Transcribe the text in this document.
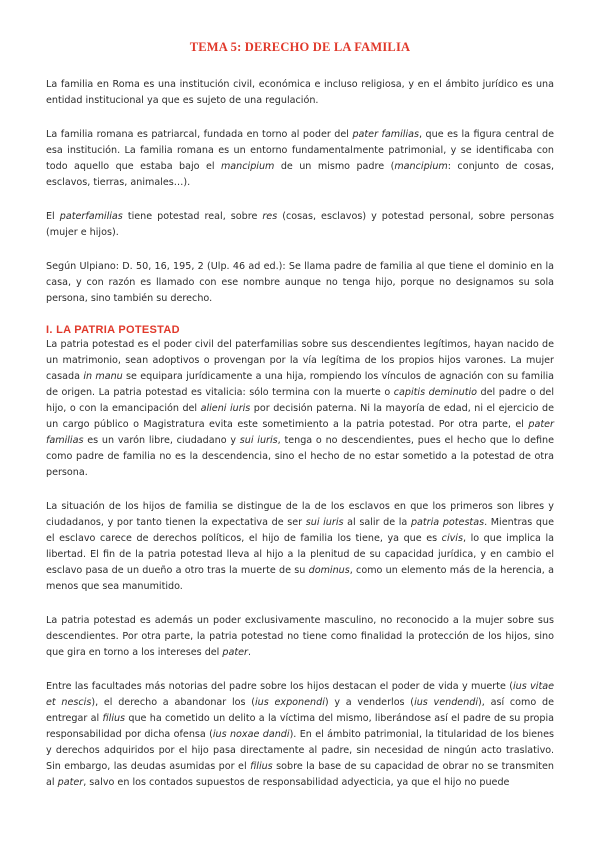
TEMA 5: DERECHO DE LA FAMILIA

La familia en Roma es una institución civil, económica e incluso religiosa, y en el ámbito jurídico es una entidad institucional ya que es sujeto de una regulación.

La familia romana es patriarcal, fundada en torno al poder del pater familias, que es la figura central de esa institución. La familia romana es un entorno fundamentalmente patrimonial, y se identificaba con todo aquello que estaba bajo el mancipium de un mismo padre (mancipium: conjunto de cosas, esclavos, tierras, animales…).

El paterfamilias tiene potestad real, sobre res (cosas, esclavos) y potestad personal, sobre personas (mujer e hijos).

Según Ulpiano: D. 50, 16, 195, 2 (Ulp. 46 ad ed.): Se llama padre de familia al que tiene el dominio en la casa, y con razón es llamado con ese nombre aunque no tenga hijo, porque no designamos su sola persona, sino también su derecho.

I. LA PATRIA POTESTAD

La patria potestad es el poder civil del paterfamilias sobre sus descendientes legítimos, hayan nacido de un matrimonio, sean adoptivos o provengan por la vía legítima de los propios hijos varones. La mujer casada in manu se equipara jurídicamente a una hija, rompiendo los vínculos de agnación con su familia de origen. La patria potestad es vitalicia: sólo termina con la muerte o capitis deminutio del padre o del hijo, o con la emancipación del alieni iuris por decisión paterna. Ni la mayoría de edad, ni el ejercicio de un cargo público o Magistratura evita este sometimiento a la patria potestad. Por otra parte, el pater familias es un varón libre, ciudadano y sui iuris, tenga o no descendientes, pues el hecho que lo define como padre de familia no es la descendencia, sino el hecho de no estar sometido a la potestad de otra persona.

La situación de los hijos de familia se distingue de la de los esclavos en que los primeros son libres y ciudadanos, y por tanto tienen la expectativa de ser sui iuris al salir de la patria potestas. Mientras que el esclavo carece de derechos políticos, el hijo de familia los tiene, ya que es civis, lo que implica la libertad. El fin de la patria potestad lleva al hijo a la plenitud de su capacidad jurídica, y en cambio el esclavo pasa de un dueño a otro tras la muerte de su dominus, como un elemento más de la herencia, a menos que sea manumitido.

La patria potestad es además un poder exclusivamente masculino, no reconocido a la mujer sobre sus descendientes. Por otra parte, la patria potestad no tiene como finalidad la protección de los hijos, sino que gira en torno a los intereses del pater.

Entre las facultades más notorias del padre sobre los hijos destacan el poder de vida y muerte (ius vitae et nescis), el derecho a abandonar los (ius exponendi) y a venderlos (ius vendendi), así como de entregar al filius que ha cometido un delito a la víctima del mismo, liberándose así el padre de su propia responsabilidad por dicha ofensa (ius noxae dandi). En el ámbito patrimonial, la titularidad de los bienes y derechos adquiridos por el hijo pasa directamente al padre, sin necesidad de ningún acto traslativo. Sin embargo, las deudas asumidas por el filius sobre la base de su capacidad de obrar no se transmiten al pater, salvo en los contados supuestos de responsabilidad adyecticia, ya que el hijo no puede
